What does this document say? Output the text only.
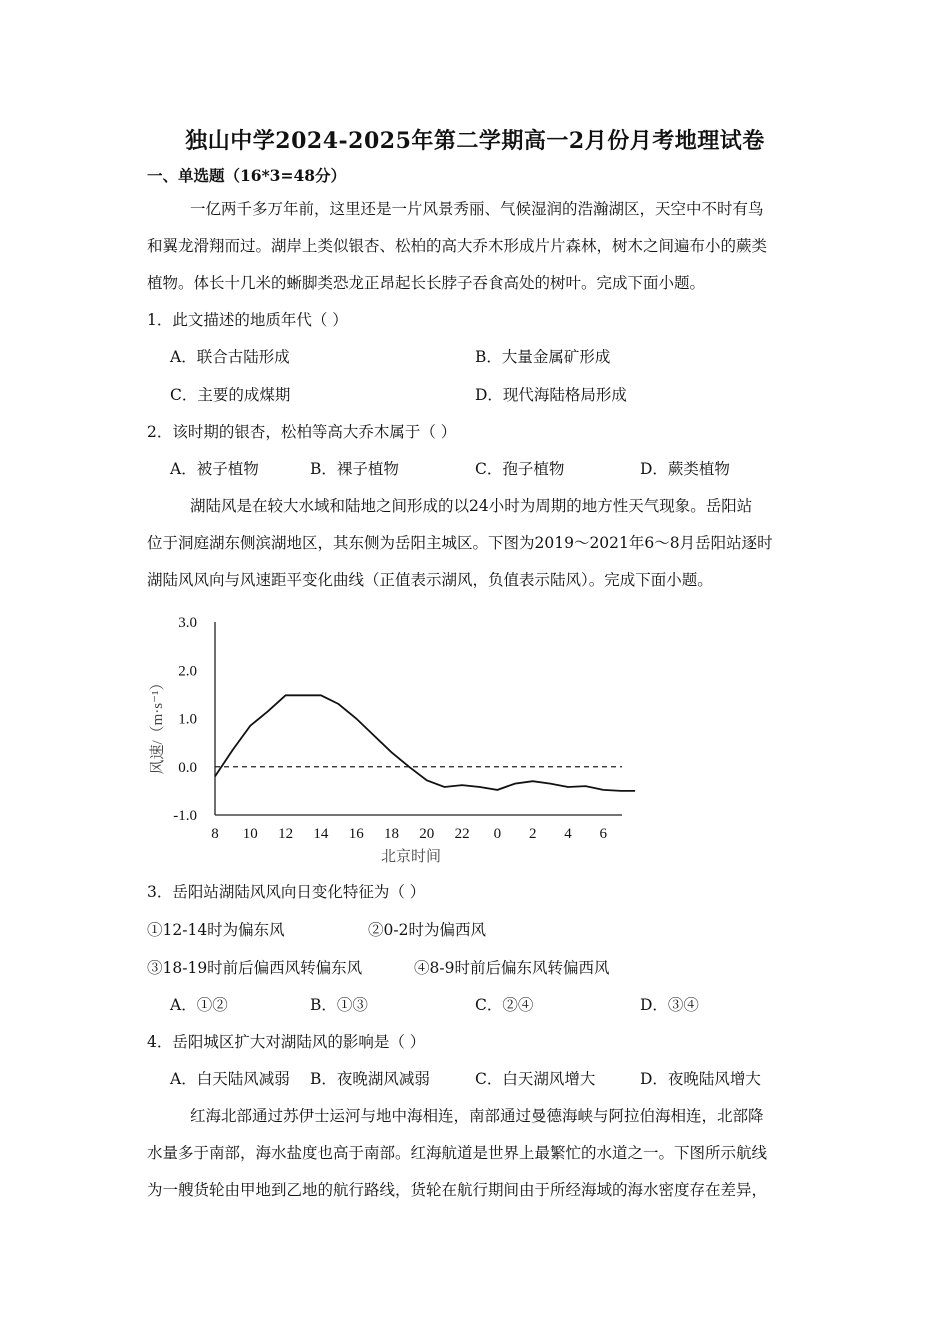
独山中学2024-2025年第二学期高一2月份月考地理试卷
一、单选题（16*3=48分）
一亿两千多万年前，这里还是一片风景秀丽、气候湿润的浩瀚湖区，天空中不时有鸟
和翼龙滑翔而过。湖岸上类似银杏、松柏的高大乔木形成片片森林，树木之间遍布小的蕨类
植物。体长十几米的蜥脚类恐龙正昂起长长脖子吞食高处的树叶。完成下面小题。
1．此文描述的地质年代（ ）
A．联合古陆形成	B．大量金属矿形成
C．主要的成煤期	D．现代海陆格局形成
2．该时期的银杏，松柏等高大乔木属于（ ）
A．被子植物	B．裸子植物	C．孢子植物	D．蕨类植物
湖陆风是在较大水域和陆地之间形成的以24小时为周期的地方性天气现象。岳阳站
位于洞庭湖东侧滨湖地区，其东侧为岳阳主城区。下图为2019～2021年6～8月岳阳站逐时
湖陆风风向与风速距平变化曲线（正值表示湖风，负值表示陆风）。完成下面小题。
3.0
2.0
1.0
0.0
-1.0
8 10 12 14 16 18 20 22 0 2 4 6
风速/（m·s⁻¹）
北京时间
3．岳阳站湖陆风风向日变化特征为（ ）
①12-14时为偏东风	②0-2时为偏西风
③18-19时前后偏西风转偏东风	④8-9时前后偏东风转偏西风
A．①②	B．①③	C．②④	D．③④
4．岳阳城区扩大对湖陆风的影响是（ ）
A．白天陆风减弱 B．夜晚湖风减弱	C．白天湖风增大	D．夜晚陆风增大
红海北部通过苏伊士运河与地中海相连，南部通过曼德海峡与阿拉伯海相连，北部降
水量多于南部，海水盐度也高于南部。红海航道是世界上最繁忙的水道之一。下图所示航线
为一艘货轮由甲地到乙地的航行路线，货轮在航行期间由于所经海域的海水密度存在差异，
